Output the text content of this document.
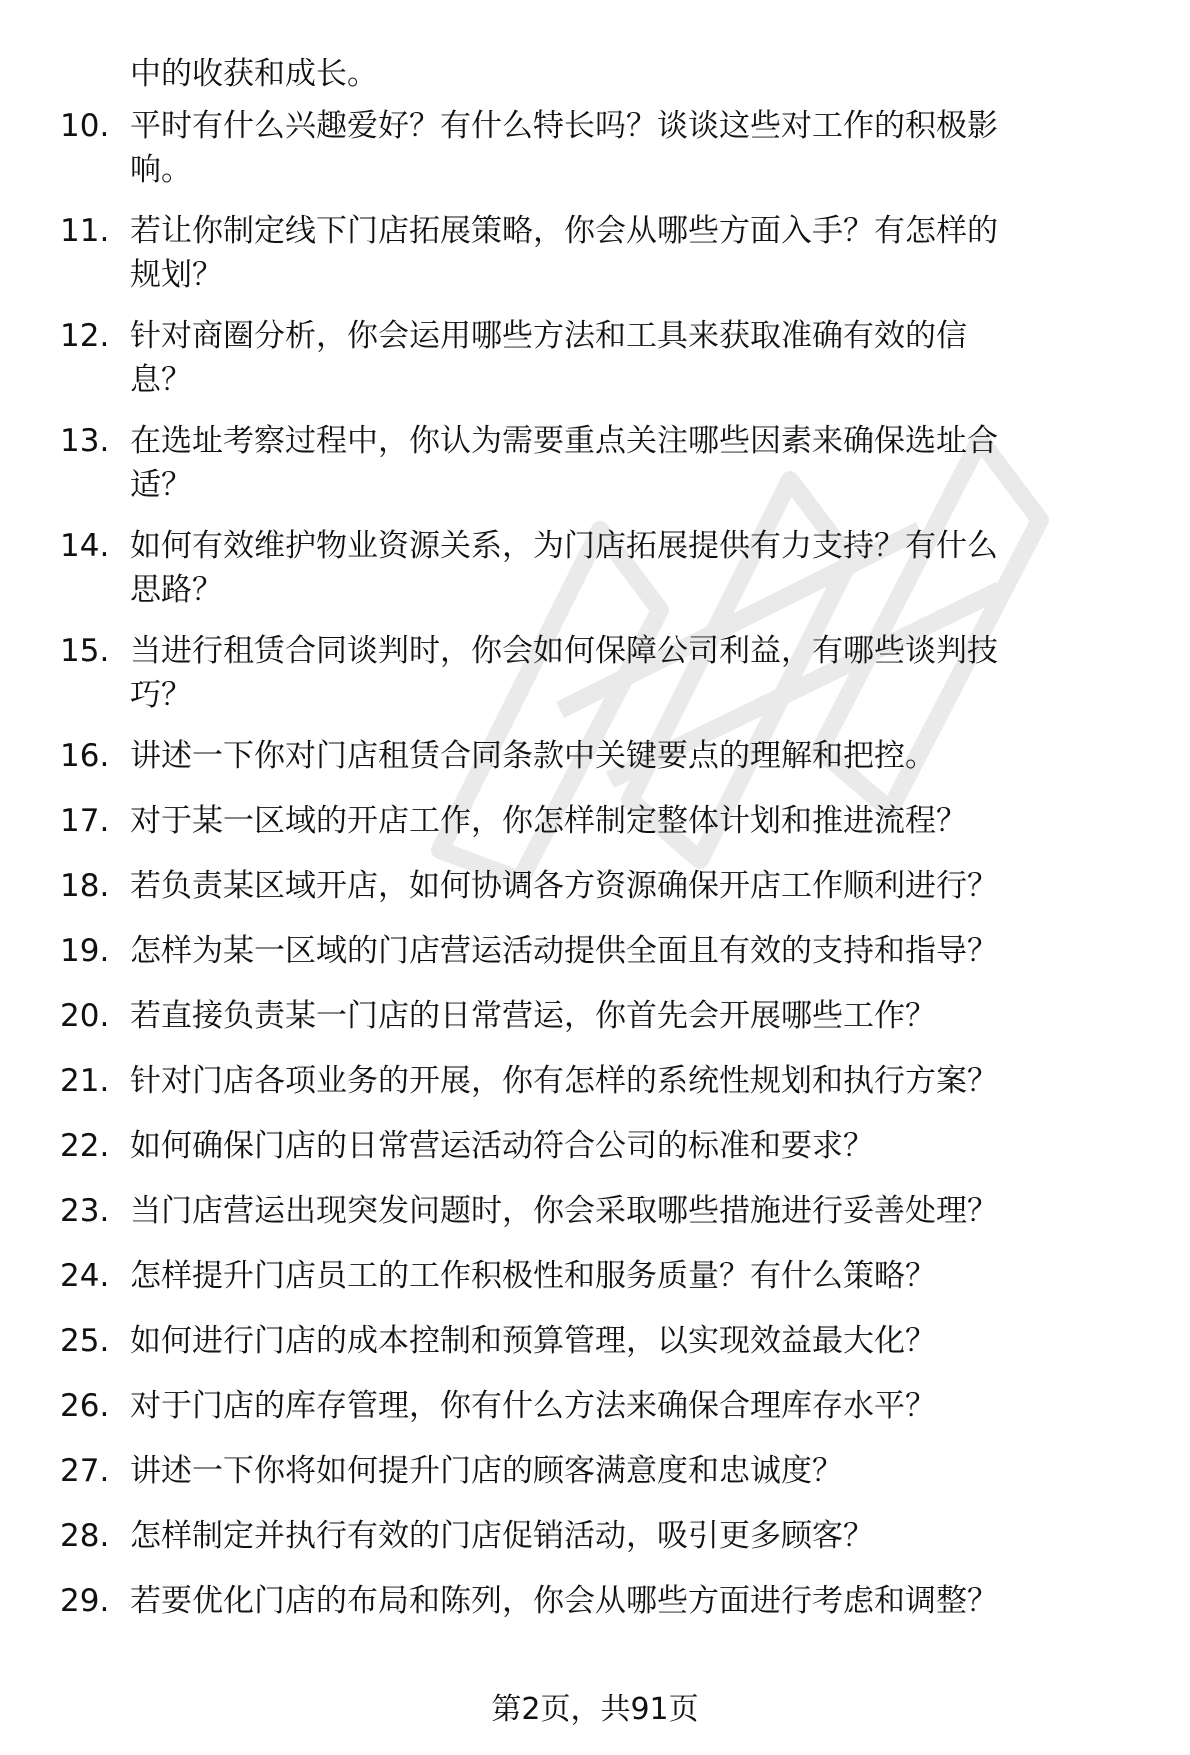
中的收获和成长。
10. 平时有什么兴趣爱好？有什么特长吗？谈谈这些对工作的积极影
响。
11. 若让你制定线下门店拓展策略，你会从哪些方面入手？有怎样的
规划？
12. 针对商圈分析，你会运用哪些方法和工具来获取准确有效的信
息？
13. 在选址考察过程中，你认为需要重点关注哪些因素来确保选址合
适？
14. 如何有效维护物业资源关系，为门店拓展提供有力支持？有什么
思路？
15. 当进行租赁合同谈判时，你会如何保障公司利益，有哪些谈判技
巧？
16. 讲述一下你对门店租赁合同条款中关键要点的理解和把控。
17. 对于某一区域的开店工作，你怎样制定整体计划和推进流程？
18. 若负责某区域开店，如何协调各方资源确保开店工作顺利进行？
19. 怎样为某一区域的门店营运活动提供全面且有效的支持和指导？
20. 若直接负责某一门店的日常营运，你首先会开展哪些工作？
21. 针对门店各项业务的开展，你有怎样的系统性规划和执行方案？
22. 如何确保门店的日常营运活动符合公司的标准和要求？
23. 当门店营运出现突发问题时，你会采取哪些措施进行妥善处理？
24. 怎样提升门店员工的工作积极性和服务质量？有什么策略？
25. 如何进行门店的成本控制和预算管理，以实现效益最大化？
26. 对于门店的库存管理，你有什么方法来确保合理库存水平？
27. 讲述一下你将如何提升门店的顾客满意度和忠诚度？
28. 怎样制定并执行有效的门店促销活动，吸引更多顾客？
29. 若要优化门店的布局和陈列，你会从哪些方面进行考虑和调整？
第2页，共91页
